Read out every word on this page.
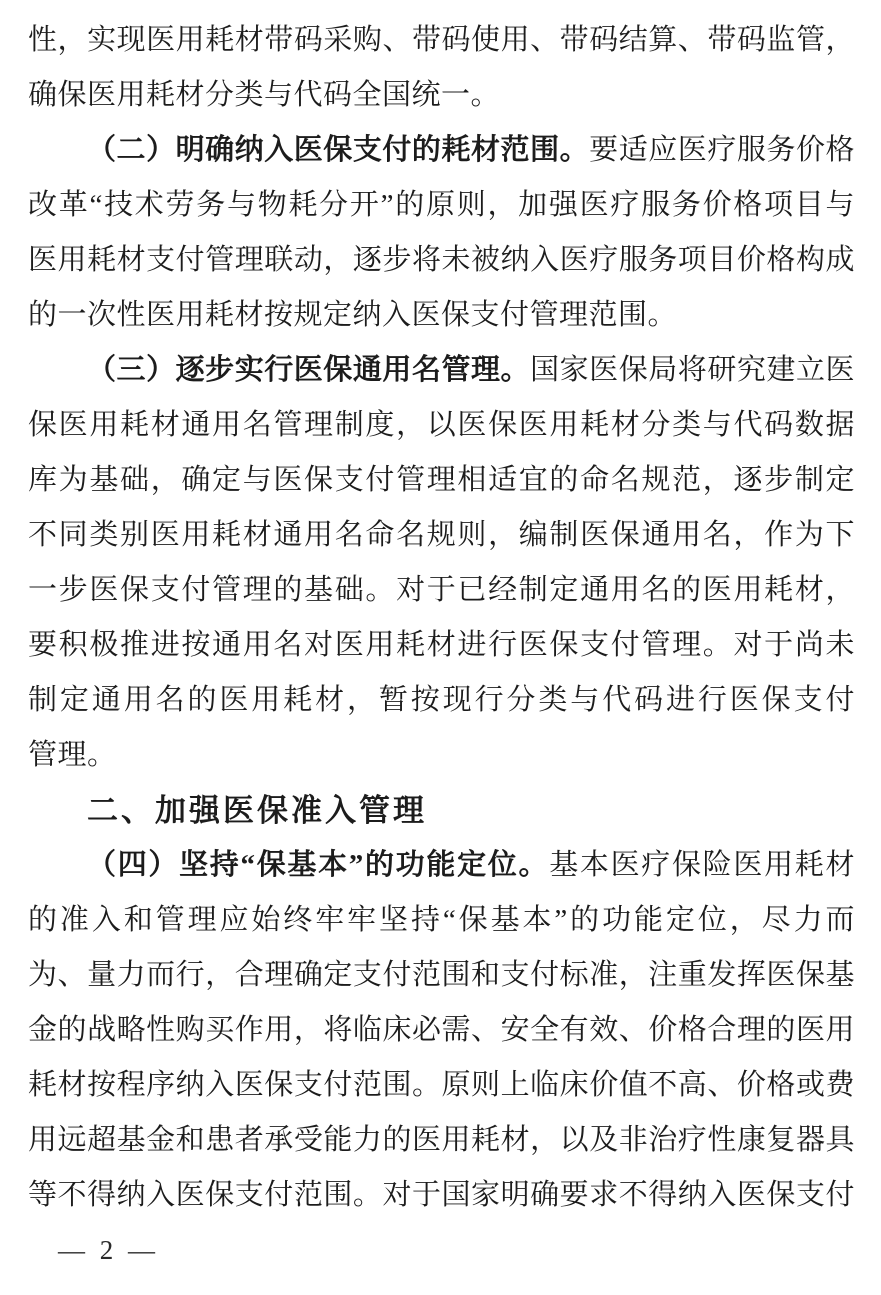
性，实现医用耗材带码采购、带码使用、带码结算、带码监管，
确保医用耗材分类与代码全国统一。
（二）明确纳入医保支付的耗材范围。要适应医疗服务价格
改革“技术劳务与物耗分开”的原则，加强医疗服务价格项目与
医用耗材支付管理联动，逐步将未被纳入医疗服务项目价格构成
的一次性医用耗材按规定纳入医保支付管理范围。
（三）逐步实行医保通用名管理。国家医保局将研究建立医
保医用耗材通用名管理制度，以医保医用耗材分类与代码数据
库为基础，确定与医保支付管理相适宜的命名规范，逐步制定
不同类别医用耗材通用名命名规则，编制医保通用名，作为下
一步医保支付管理的基础。对于已经制定通用名的医用耗材，
要积极推进按通用名对医用耗材进行医保支付管理。对于尚未
制定通用名的医用耗材，暂按现行分类与代码进行医保支付
管理。
二、加强医保准入管理
（四）坚持“保基本”的功能定位。基本医疗保险医用耗材
的准入和管理应始终牢牢坚持“保基本”的功能定位，尽力而
为、量力而行，合理确定支付范围和支付标准，注重发挥医保基
金的战略性购买作用，将临床必需、安全有效、价格合理的医用
耗材按程序纳入医保支付范围。原则上临床价值不高、价格或费
用远超基金和患者承受能力的医用耗材，以及非治疗性康复器具
等不得纳入医保支付范围。对于国家明确要求不得纳入医保支付
— 2 —
